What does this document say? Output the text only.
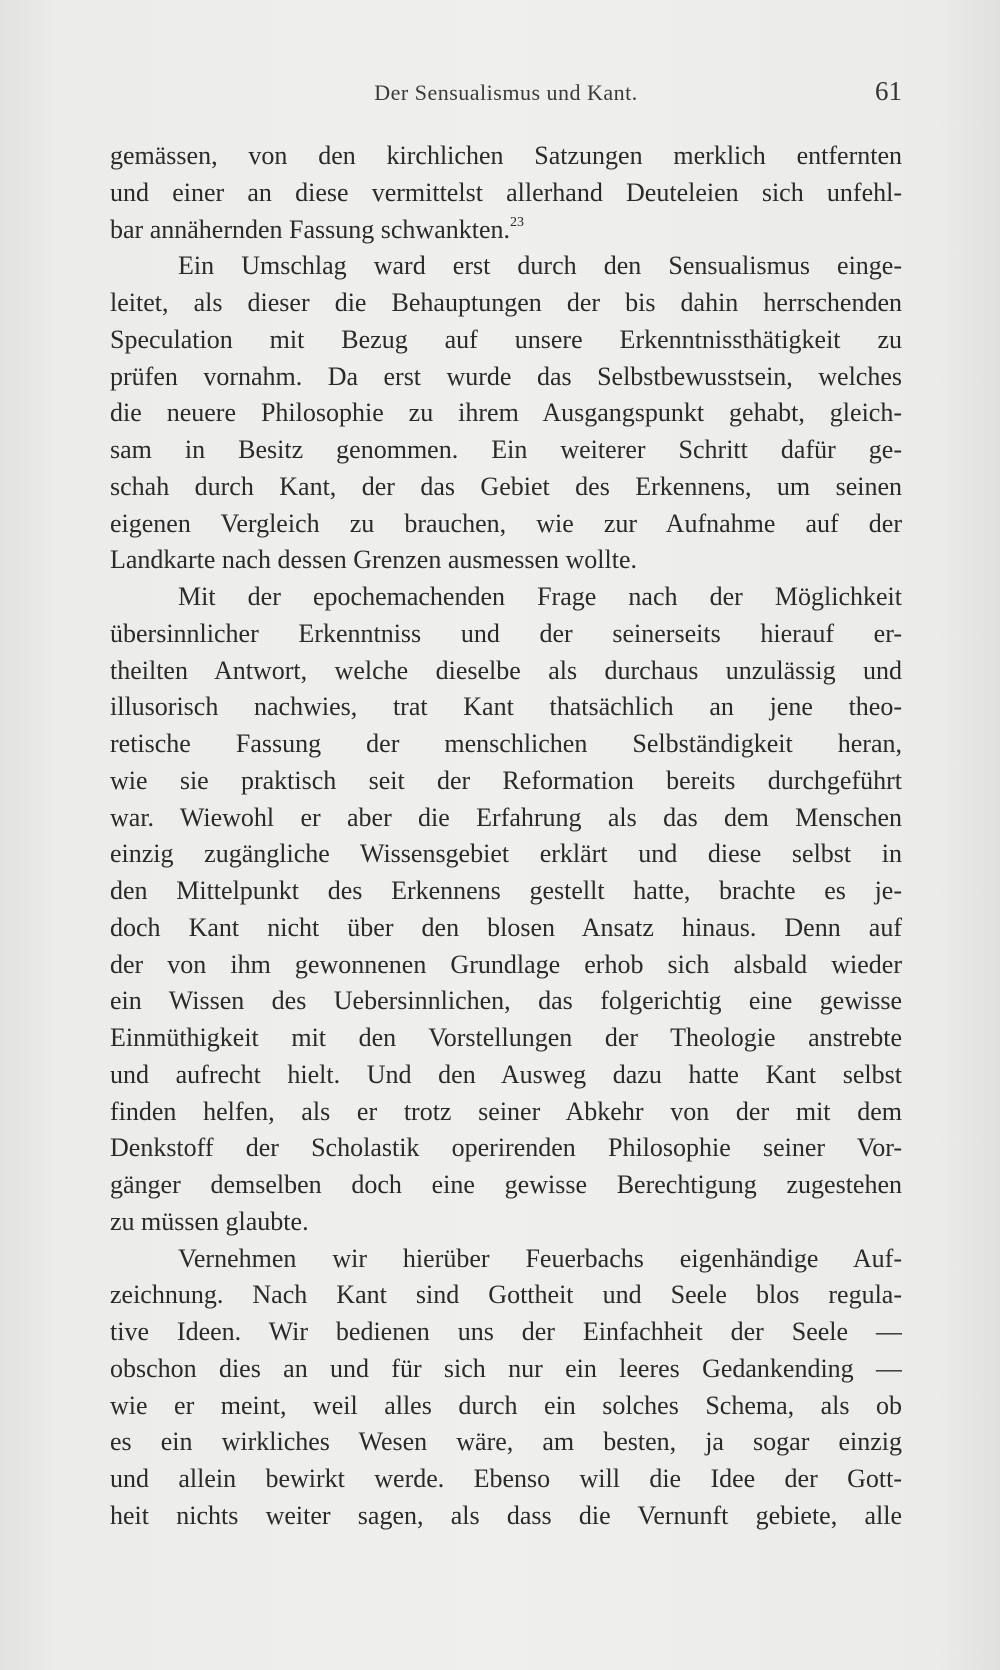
Der Sensualismus und Kant.	61
gemässen, von den kirchlichen Satzungen merklich entfernten
und einer an diese vermittelst allerhand Deuteleien sich unfehl-
bar annähernden Fassung schwankten.$^{23}$
Ein Umschlag ward erst durch den Sensualismus einge-
leitet, als dieser die Behauptungen der bis dahin herrschenden
Speculation mit Bezug auf unsere Erkenntnissthätigkeit zu
prüfen vornahm. Da erst wurde das Selbstbewusstsein, welches
die neuere Philosophie zu ihrem Ausgangspunkt gehabt, gleich-
sam in Besitz genommen. Ein weiterer Schritt dafür ge-
schah durch Kant, der das Gebiet des Erkennens, um seinen
eigenen Vergleich zu brauchen, wie zur Aufnahme auf der
Landkarte nach dessen Grenzen ausmessen wollte.
Mit der epochemachenden Frage nach der Möglichkeit
übersinnlicher Erkenntniss und der seinerseits hierauf er-
theilten Antwort, welche dieselbe als durchaus unzulässig und
illusorisch nachwies, trat Kant thatsächlich an jene theo-
retische Fassung der menschlichen Selbständigkeit heran,
wie sie praktisch seit der Reformation bereits durchgeführt
war. Wiewohl er aber die Erfahrung als das dem Menschen
einzig zugängliche Wissensgebiet erklärt und diese selbst in
den Mittelpunkt des Erkennens gestellt hatte, brachte es je-
doch Kant nicht über den blosen Ansatz hinaus. Denn auf
der von ihm gewonnenen Grundlage erhob sich alsbald wieder
ein Wissen des Uebersinnlichen, das folgerichtig eine gewisse
Einmüthigkeit mit den Vorstellungen der Theologie anstrebte
und aufrecht hielt. Und den Ausweg dazu hatte Kant selbst
finden helfen, als er trotz seiner Abkehr von der mit dem
Denkstoff der Scholastik operirenden Philosophie seiner Vor-
gänger demselben doch eine gewisse Berechtigung zugestehen
zu müssen glaubte.
Vernehmen wir hierüber Feuerbachs eigenhändige Auf-
zeichnung. Nach Kant sind Gottheit und Seele blos regula-
tive Ideen. Wir bedienen uns der Einfachheit der Seele —
obschon dies an und für sich nur ein leeres Gedankending —
wie er meint, weil alles durch ein solches Schema, als ob
es ein wirkliches Wesen wäre, am besten, ja sogar einzig
und allein bewirkt werde. Ebenso will die Idee der Gott-
heit nichts weiter sagen, als dass die Vernunft gebiete, alle
